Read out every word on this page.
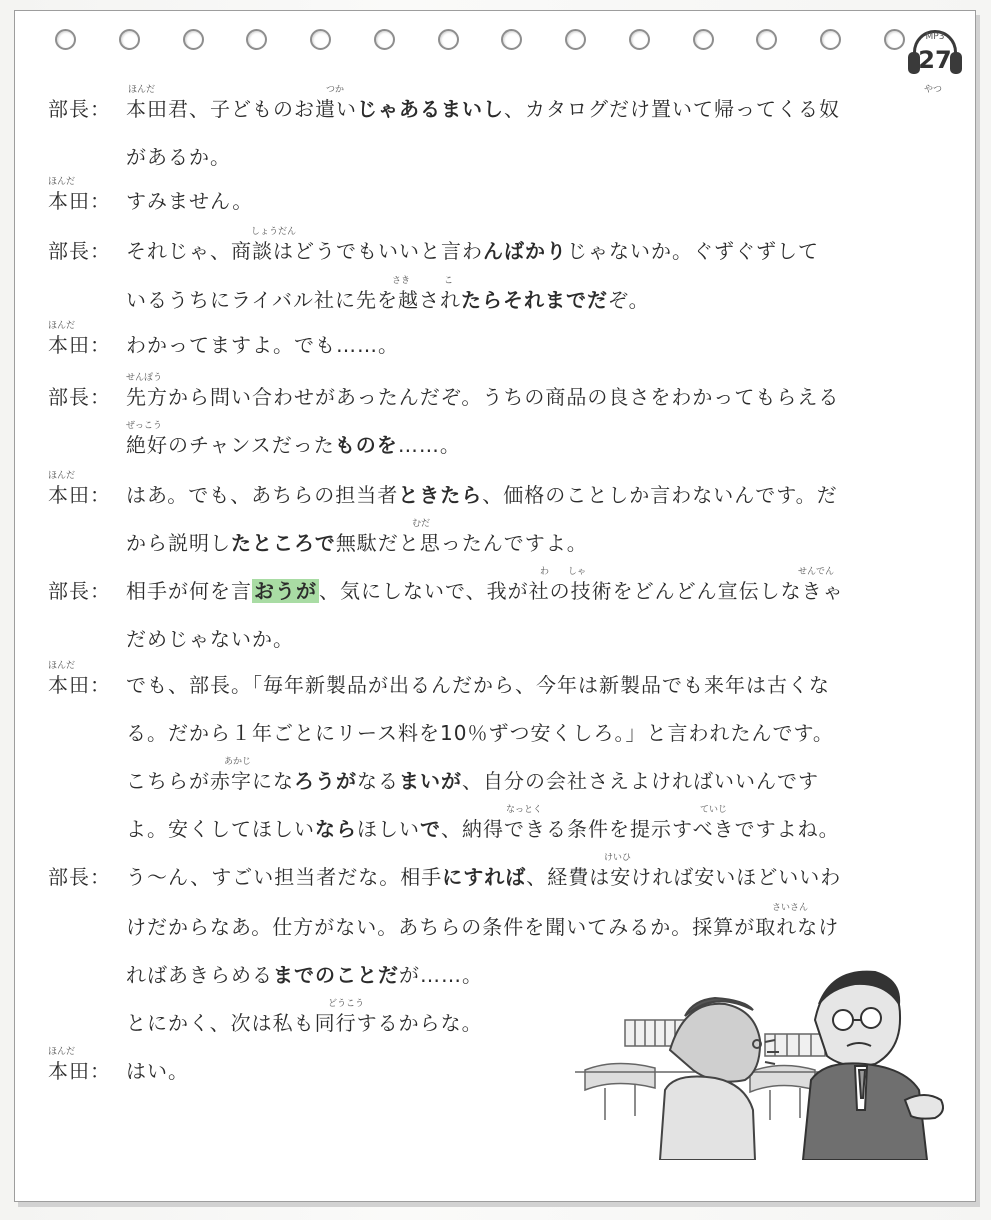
MP3
27
部長：
ほんだ	つか	やつ
本田君、子どものお遣いじゃあるまいし、カタログだけ置いて帰ってくる奴
があるか。
ほんだ
本田： すみません。
部長：
しょうだん
それじゃ、商談はどうでもいいと言わんばかりじゃないか。ぐずぐずして
さき	こ
いるうちにライバル社に先を越されたらそれまでだぞ。
ほんだ
本田： わかってますよ。でも……。
部長：
せんぽう
先方から問い合わせがあったんだぞ。うちの商品の良さをわかってもらえる
ぜっこう
絶好のチャンスだったものを……。
ほんだ
本田： はあ。でも、あちらの担当者ときたら、価格のことしか言わないんです。だ
むだ
から説明したところで無駄だと思ったんですよ。
部長：
わ しゃ	せんでん
相手が何を言 おうが 、気にしないで、我が社の技術をどんどん宣伝しなきゃ
だめじゃないか。
ほんだ
本田： でも、部長。「毎年新製品が出るんだから、今年は新製品でも来年は古くな
る。だから１年ごとにリース料を10％ずつ安くしろ。」と言われたんです。
あかじ
こちらが赤字になろうがなるまいが、自分の会社さえよければいいんです
なっとく	ていじ
よ。安くしてほしいならほしいで、納得できる条件を提示すべきですよね。
部長：
けいひ
う～ん、すごい担当者だな。相手にすれば、経費は安ければ安いほどいいわ
さいさん
けだからなあ。仕方がない。あちらの条件を聞いてみるか。採算が取れなけ
ればあきらめるまでのことだが……。
どうこう
とにかく、次は私も同行するからな。
ほんだ
本田： はい。
